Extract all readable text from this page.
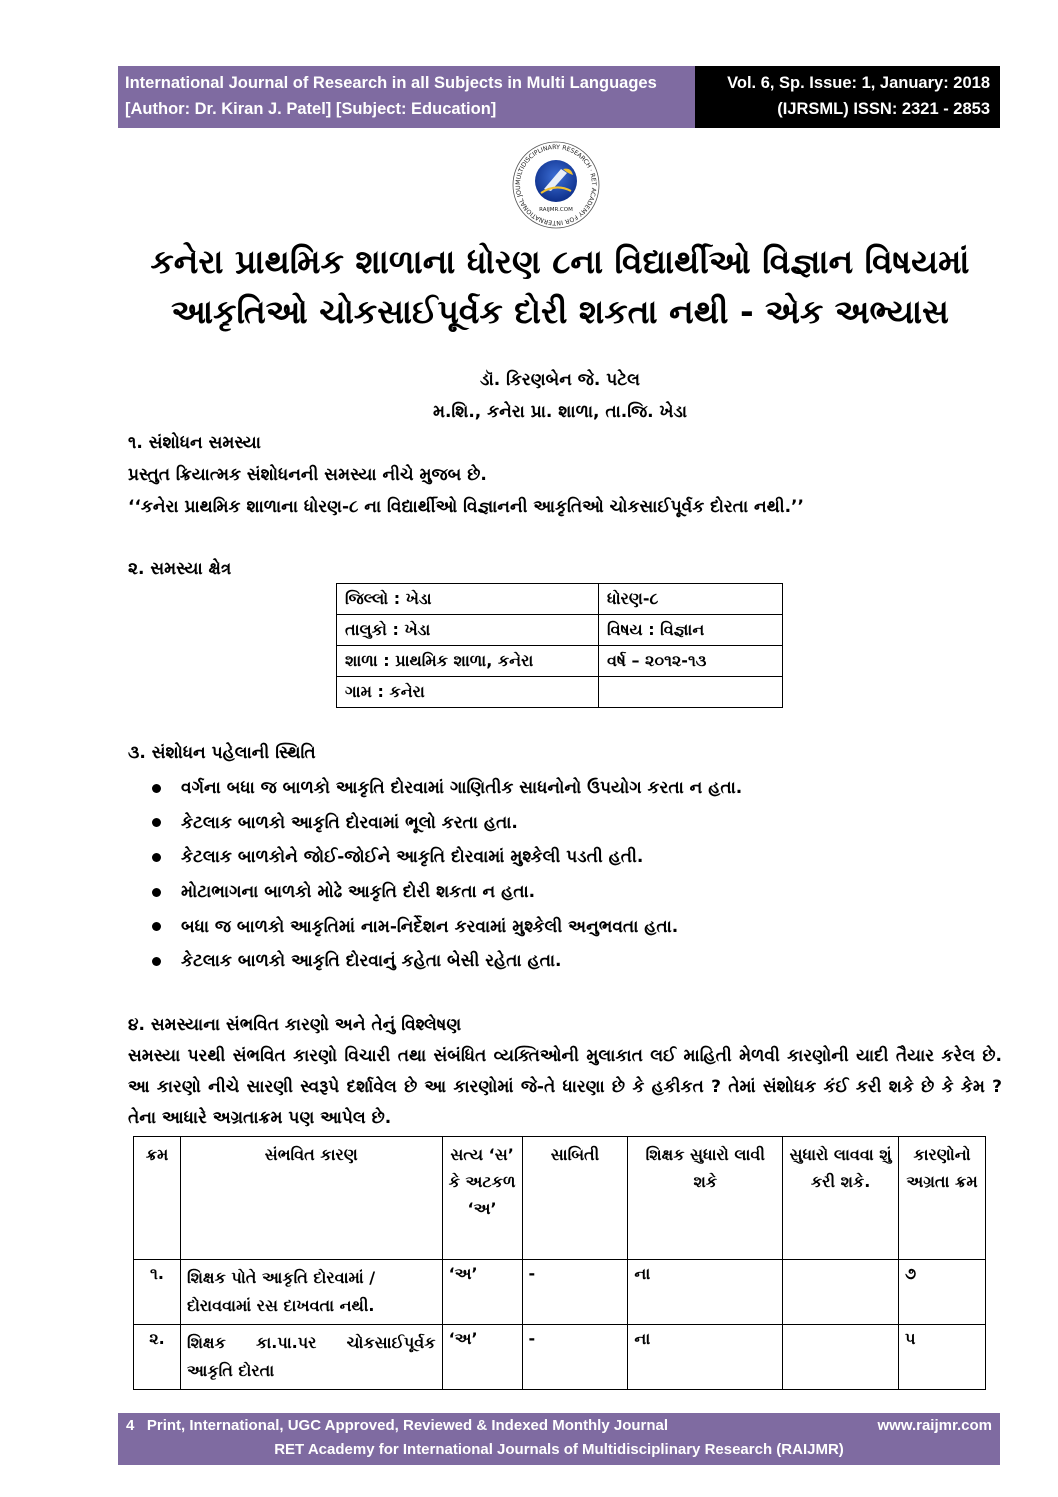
International Journal of Research in all Subjects in Multi Languages
[Author: Dr. Kiran J. Patel] [Subject: Education]
Vol. 6, Sp. Issue: 1, January: 2018
(IJRSML) ISSN: 2321 - 2853
MULTIDISCIPLINARY RESEARCH · RET ACADEMY FOR INTERNATIONAL JOU
RAIJMR.COM
કનેરા પ્રાથમિક શાળાના ધોરણ ૮ના વિદ્યાર્થીઓ વિજ્ઞાન વિષયમાં
આકૃતિઓ ચોકસાઈપૂર્વક દોરી શકતા નથી - એક અભ્યાસ
ડૉ. કિરણબેન જે. પટેલ
મ.શિ., કનેરા પ્રા. શાળા, તા.જિ. ખેડા
૧. સંશોધન સમસ્યા
પ્રસ્તુત ક્રિયાત્મક સંશોધનની સમસ્યા નીચે મુજબ છે.
‘‘કનેરા પ્રાથમિક શાળાના ધોરણ-૮ ના વિદ્યાર્થીઓ વિજ્ઞાનની આકૃતિઓ ચોકસાઈપૂર્વક દોરતા નથી.’’
૨. સમસ્યા ક્ષેત્ર
જિલ્લો : ખેડા	ધોરણ-૮
તાલુકો : ખેડા	વિષય : વિજ્ઞાન
શાળા : પ્રાથમિક શાળા, કનેરા	વર્ષ – ૨૦૧૨-૧૩
ગામ : કનેરા	
૩. સંશોધન પહેલાની સ્થિતિ
વર્ગના બધા જ બાળકો આકૃતિ દોરવામાં ગાણિતીક સાધનોનો ઉપયોગ કરતા ન હતા.
કેટલાક બાળકો આકૃતિ દોરવામાં ભૂલો કરતા હતા.
કેટલાક બાળકોને જોઈ-જોઈને આકૃતિ દોરવામાં મુશ્કેલી પડતી હતી.
મોટાભાગના બાળકો મોઢે આકૃતિ દોરી શકતા ન હતા.
બધા જ બાળકો આકૃતિમાં નામ-નિર્દેશન કરવામાં મુશ્કેલી અનુભવતા હતા.
કેટલાક બાળકો આકૃતિ દોરવાનું કહેતા બેસી રહેતા હતા.
૪. સમસ્યાના સંભવિત કારણો અને તેનું વિશ્લેષણ
સમસ્યા પરથી સંભવિત કારણો વિચારી તથા સંબંધિત વ્યક્તિઓની મુલાકાત લઈ માહિતી મેળવી કારણોની યાદી તૈયાર કરેલ છે. આ કારણો નીચે સારણી સ્વરૂપે દર્શાવેલ છે આ કારણોમાં જે-તે ધારણા છે કે હકીકત ? તેમાં સંશોધક કંઈ કરી શકે છે કે કેમ ? તેના આધારે અગ્રતાક્રમ પણ આપેલ છે.
ક્રમ	સંભવિત કારણ	સત્ય ‘સ’ કે અટકળ ‘અ’	સાબિતી	શિક્ષક સુધારો લાવી શકે	સુધારો લાવવા શું કરી શકે.	કારણોનો અગ્રતા ક્રમ
૧.	શિક્ષક પોતે આકૃતિ દોરવામાં / દોરાવવામાં રસ દાખવતા નથી.	‘અ’	-	ના		૭
૨.	શિક્ષક કા.પા.પર ચોકસાઈપૂર્વક આકૃતિ દોરતા	‘અ’	-	ના		૫
4 Print, International, UGC Approved, Reviewed & Indexed Monthly Journal	www.raijmr.com
RET Academy for International Journals of Multidisciplinary Research (RAIJMR)
